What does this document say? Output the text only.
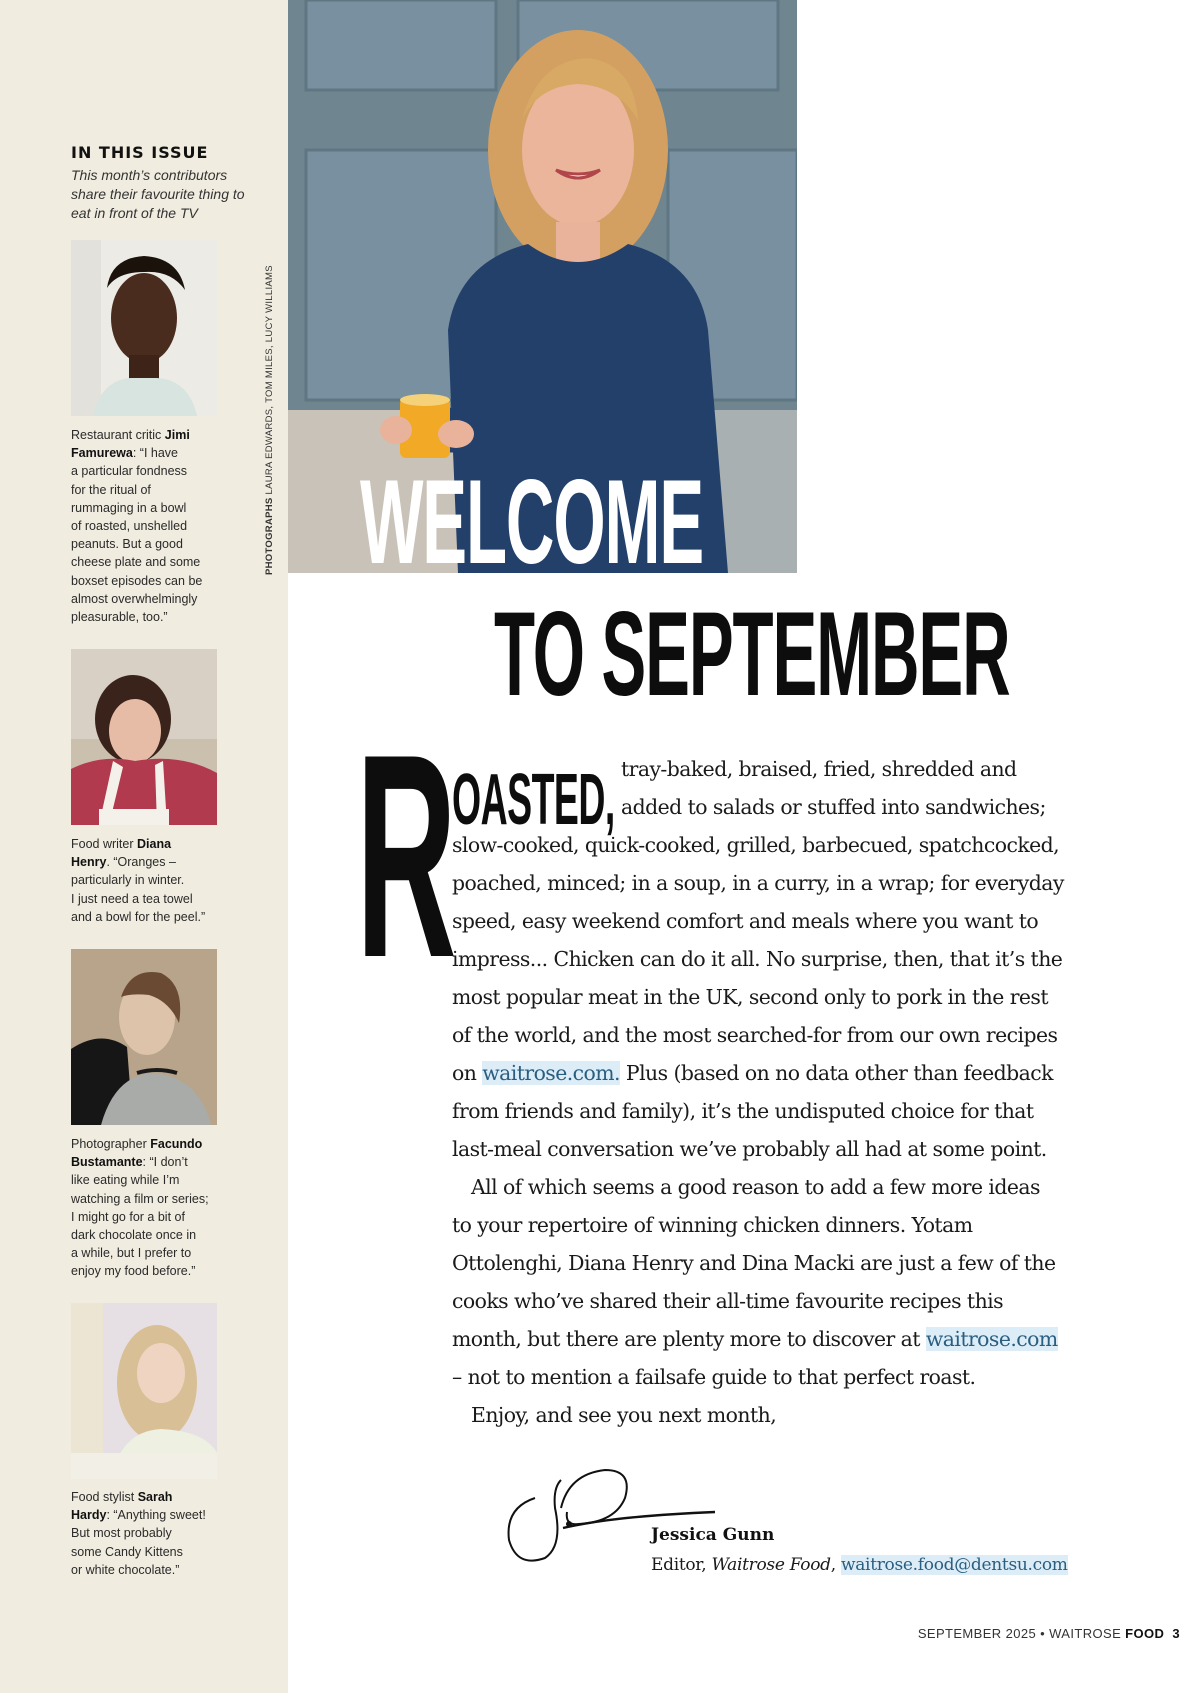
IN THIS ISSUE
This month’s contributors share their favourite thing to eat in front of the TV
Restaurant critic Jimi
Famurewa: “I have
a particular fondness
for the ritual of
rummaging in a bowl
of roasted, unshelled
peanuts. But a good
cheese plate and some
boxset episodes can be
almost overwhelmingly
pleasurable, too.”
Food writer Diana
Henry. “Oranges –
particularly in winter.
I just need a tea towel
and a bowl for the peel.”
Photographer Facundo
Bustamante: “I don’t
like eating while I’m
watching a film or series;
I might go for a bit of
dark chocolate once in
a while, but I prefer to
enjoy my food before.”
Food stylist Sarah
Hardy: “Anything sweet!
But most probably
some Candy Kittens
or white chocolate.”
PHOTOGRAPHS LAURA EDWARDS, TOM MILES, LUCY WILLIAMS
WELCOME
TO SEPTEMBER
R
OASTED, tray-baked, braised, fried, shredded and
added to salads or stuffed into sandwiches;
slow-cooked, quick-cooked, grilled, barbecued, spatchcocked,
poached, minced; in a soup, in a curry, in a wrap; for everyday
speed, easy weekend comfort and meals where you want to
impress... Chicken can do it all. No surprise, then, that it’s the
most popular meat in the UK, second only to pork in the rest
of the world, and the most searched-for from our own recipes
on waitrose.com. Plus (based on no data other than feedback
from friends and family), it’s the undisputed choice for that
last-meal conversation we’ve probably all had at some point.
All of which seems a good reason to add a few more ideas
to your repertoire of winning chicken dinners. Yotam
Ottolenghi, Diana Henry and Dina Macki are just a few of the
cooks who’ve shared their all-time favourite recipes this
month, but there are plenty more to discover at waitrose.com
– not to mention a failsafe guide to that perfect roast.
Enjoy, and see you next month,
Jessica Gunn
Editor, Waitrose Food, waitrose.food@dentsu.com
SEPTEMBER 2025 • WAITROSE FOOD 3
